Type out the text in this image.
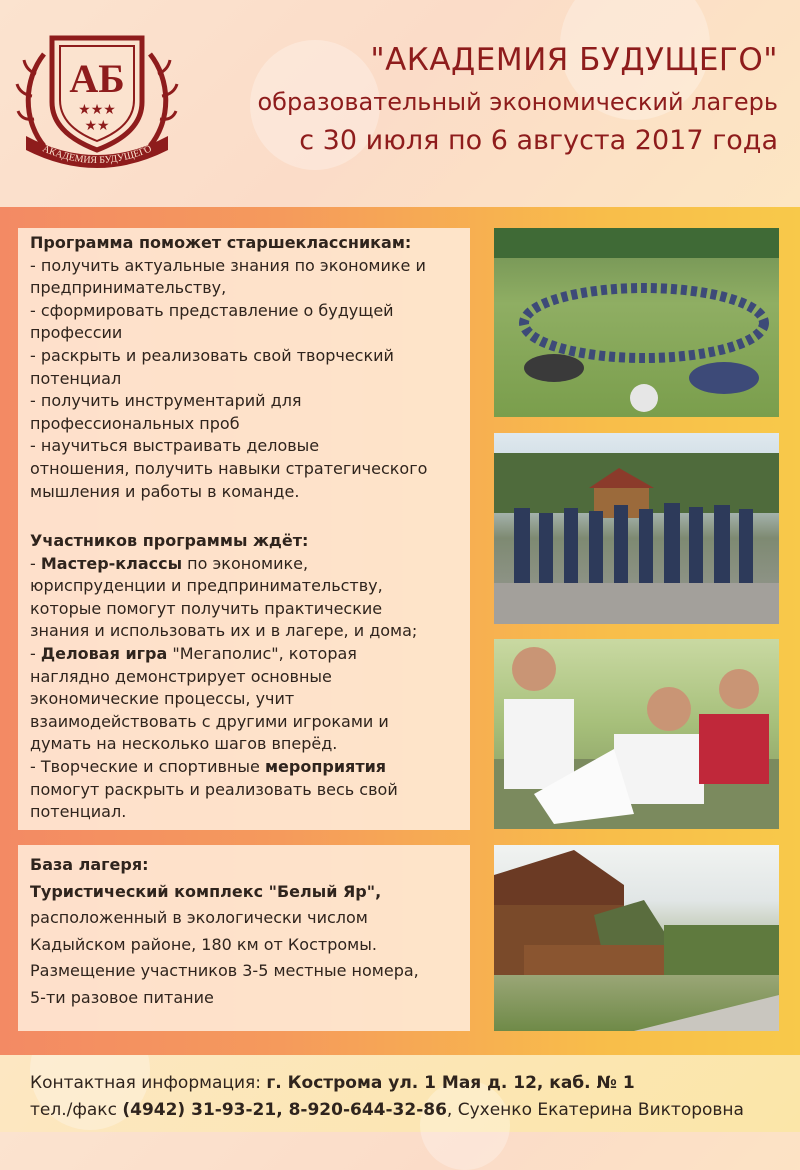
АБ
★★★
★★
АКАДЕМИЯ БУДУЩЕГО
"АКАДЕМИЯ БУДУЩЕГО"
образовательный экономический лагерь
с 30 июля по 6 августа 2017 года
Программа поможет старшеклассникам:
- получить актуальные знания по экономике и
предпринимательству,
- сформировать представление о будущей
профессии
- раскрыть и реализовать свой творческий
потенциал
- получить инструментарий для
профессиональных проб
- научиться выстраивать деловые
отношения, получить навыки стратегического
мышления и работы в команде.
Участников программы ждёт:
- Мастер-классы по экономике,
юриспруденции и предпринимательству,
которые помогут получить практические
знания и использовать их и в лагере, и дома;
- Деловая игра "Мегаполис", которая
наглядно демонстрирует основные
экономические процессы, учит
взаимодействовать с другими игроками и
думать на несколько шагов вперёд.
- Творческие и спортивные мероприятия
помогут раскрыть и реализовать весь свой
потенциал.
База лагеря:
Туристический комплекс "Белый Яр",
расположенный в экологически числом
Кадыйском районе, 180 км от Костромы.
Размещение участников 3-5 местные номера,
5-ти разовое питание
Контактная информация: г. Кострома ул. 1 Мая д. 12, каб. № 1
тел./факс (4942) 31-93-21, 8-920-644-32-86, Сухенко Екатерина Викторовна
